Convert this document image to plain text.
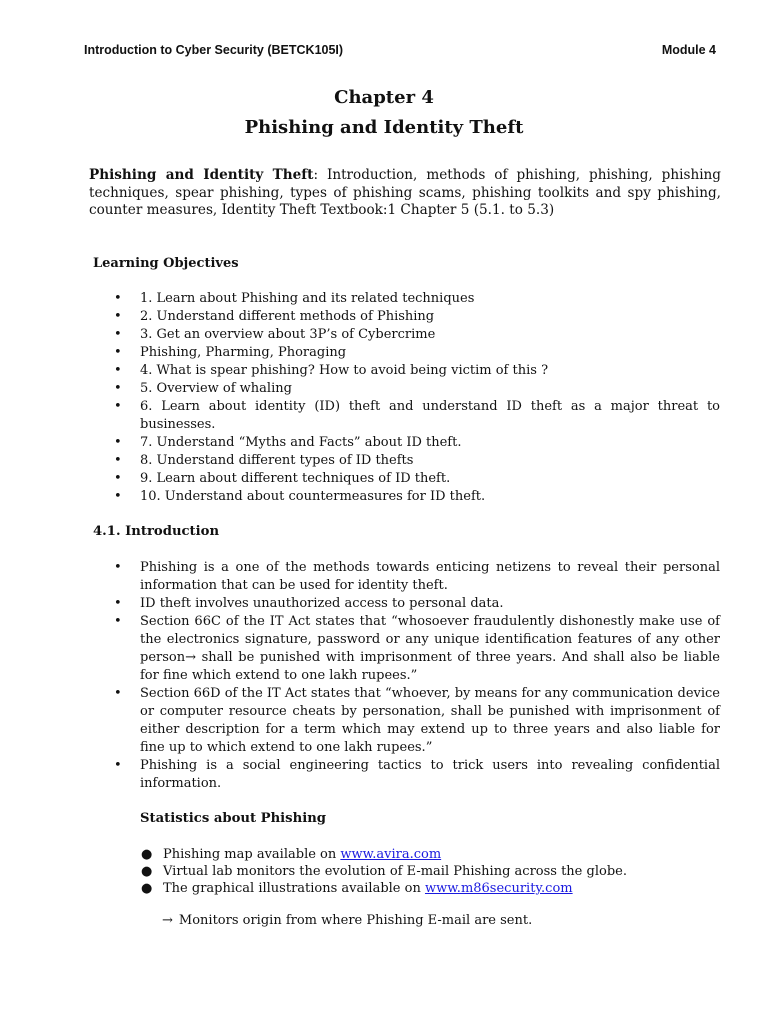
Introduction to Cyber Security (BETCK105I)	Module 4
Chapter 4
Phishing and Identity Theft
Phishing and Identity Theft: Introduction, methods of phishing, phishing, phishing techniques, spear phishing, types of phishing scams, phishing toolkits and spy phishing, counter measures, Identity Theft Textbook:1 Chapter 5 (5.1. to 5.3)
Learning Objectives
• 1. Learn about Phishing and its related techniques
• 2. Understand different methods of Phishing
• 3. Get an overview about 3P’s of Cybercrime
• Phishing, Pharming, Phoraging
• 4. What is spear phishing? How to avoid being victim of this ?
• 5. Overview of whaling
• 6. Learn about identity (ID) theft and understand ID theft as a major threat to businesses.
• 7. Understand “Myths and Facts” about ID theft.
• 8. Understand different types of ID thefts
• 9. Learn about different techniques of ID theft.
• 10. Understand about countermeasures for ID theft.
4.1. Introduction
• Phishing is a one of the methods towards enticing netizens to reveal their personal information that can be used for identity theft.
• ID theft involves unauthorized access to personal data.
• Section 66C of the IT Act states that “whosoever fraudulently dishonestly make use of the electronics signature, password or any unique identification features of any other person→ shall be punished with imprisonment of three years. And shall also be liable for fine which extend to one lakh rupees.”
• Section 66D of the IT Act states that “whoever, by means for any communication device or computer resource cheats by personation, shall be punished with imprisonment of either description for a term which may extend up to three years and also liable for fine up to which extend to one lakh rupees.”
• Phishing is a social engineering tactics to trick users into revealing confidential information.
Statistics about Phishing
● Phishing map available on www.avira.com
● Virtual lab monitors the evolution of E-mail Phishing across the globe.
● The graphical illustrations available on www.m86security.com
→ Monitors origin from where Phishing E-mail are sent.
